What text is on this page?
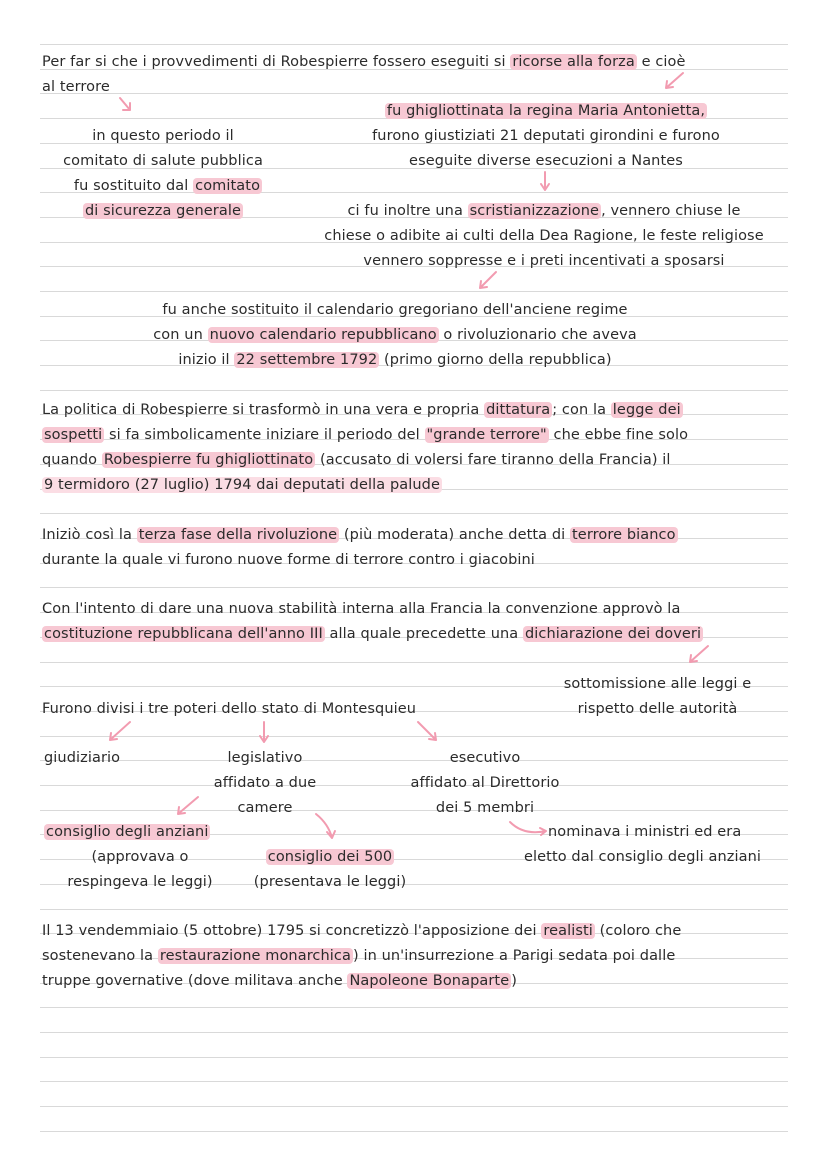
Per far si che i provvedimenti di Robespierre fossero eseguiti si ricorse alla forza e cioè
al terrore
in questo periodo il
comitato di salute pubblica
fu sostituito dal comitato
di sicurezza generale
fu ghigliottinata la regina Maria Antonietta,
furono giustiziati 21 deputati girondini e furono
eseguite diverse esecuzioni a Nantes
ci fu inoltre una scristianizzazione , vennero chiuse le
chiese o adibite ai culti della Dea Ragione, le feste religiose
vennero soppresse e i preti incentivati a sposarsi
fu anche sostituito il calendario gregoriano dell'anciene regime
con un nuovo calendario repubblicano o rivoluzionario che aveva
inizio il 22 settembre 1792 (primo giorno della repubblica)
La politica di Robespierre si trasformò in una vera e propria dittatura ; con la legge dei
sospetti si fa simbolicamente iniziare il periodo del "grande terrore" che ebbe fine solo
quando Robespierre fu ghigliottinato (accusato di volersi fare tiranno della Francia) il
9 termidoro (27 luglio) 1794 dai deputati della palude
Iniziò così la terza fase della rivoluzione (più moderata) anche detta di terrore bianco
durante la quale vi furono nuove forme di terrore contro i giacobini
Con l'intento di dare una nuova stabilità interna alla Francia la convenzione approvò la
costituzione repubblicana dell'anno III alla quale precedette una dichiarazione dei doveri
sottomissione alle leggi e
rispetto delle autorità
Furono divisi i tre poteri dello stato di Montesquieu
giudiziario	legislativo
affidato a due
camere
esecutivo
affidato al Direttorio
dei 5 membri
consiglio degli anziani
(approvava o
respingeva le leggi)
consiglio dei 500
(presentava le leggi)
nominava i ministri ed era
eletto dal consiglio degli anziani
Il 13 vendemmiaio (5 ottobre) 1795 si concretizzò l'apposizione dei realisti (coloro che
sostenevano la restaurazione monarchica ) in un'insurrezione a Parigi sedata poi dalle
truppe governative (dove militava anche Napoleone Bonaparte )
